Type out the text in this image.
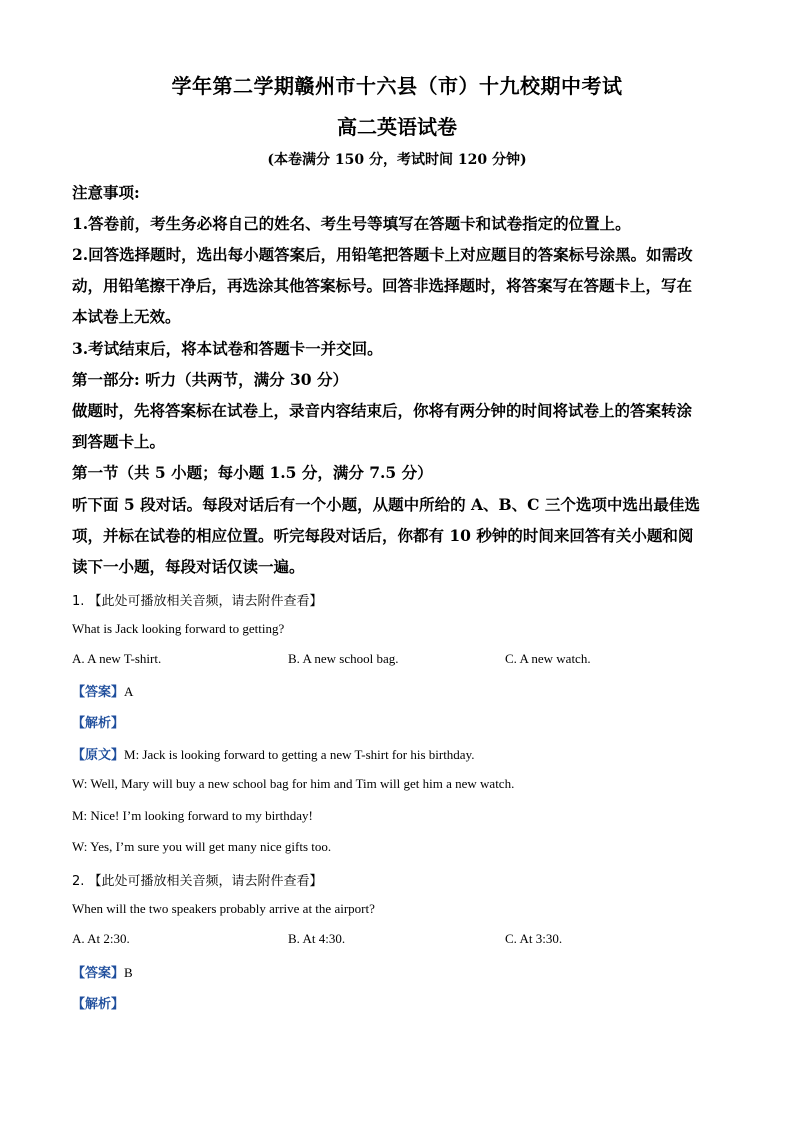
学年第二学期赣州市十六县（市）十九校期中考试
高二英语试卷
(本卷满分 150 分，考试时间 120 分钟)
注意事项:
1.答卷前，考生务必将自己的姓名、考生号等填写在答题卡和试卷指定的位置上。
2.回答选择题时，选出每小题答案后，用铅笔把答题卡上对应题目的答案标号涂黑。如需改
动，用铅笔擦干净后，再选涂其他答案标号。回答非选择题时，将答案写在答题卡上，写在
本试卷上无效。
3.考试结束后，将本试卷和答题卡一并交回。
第一部分: 听力（共两节，满分 30 分）
做题时，先将答案标在试卷上，录音内容结束后，你将有两分钟的时间将试卷上的答案转涂
到答题卡上。
第一节（共 5 小题；每小题 1.5 分，满分 7.5 分）
听下面 5 段对话。每段对话后有一个小题，从题中所给的 A、B、C 三个选项中选出最佳选
项，并标在试卷的相应位置。听完每段对话后，你都有 10 秒钟的时间来回答有关小题和阅
读下一小题，每段对话仅读一遍。
1. 【此处可播放相关音频，请去附件查看】
What is Jack looking forward to getting?
A. A new T-shirt.	B. A new school bag.	C. A new watch.
【答案】A
【解析】
【原文】M: Jack is looking forward to getting a new T-shirt for his birthday.
W: Well, Mary will buy a new school bag for him and Tim will get him a new watch.
M: Nice! I’m looking forward to my birthday!
W: Yes, I’m sure you will get many nice gifts too.
2. 【此处可播放相关音频，请去附件查看】
When will the two speakers probably arrive at the airport?
A. At 2:30.	B. At 4:30.	C. At 3:30.
【答案】B
【解析】
